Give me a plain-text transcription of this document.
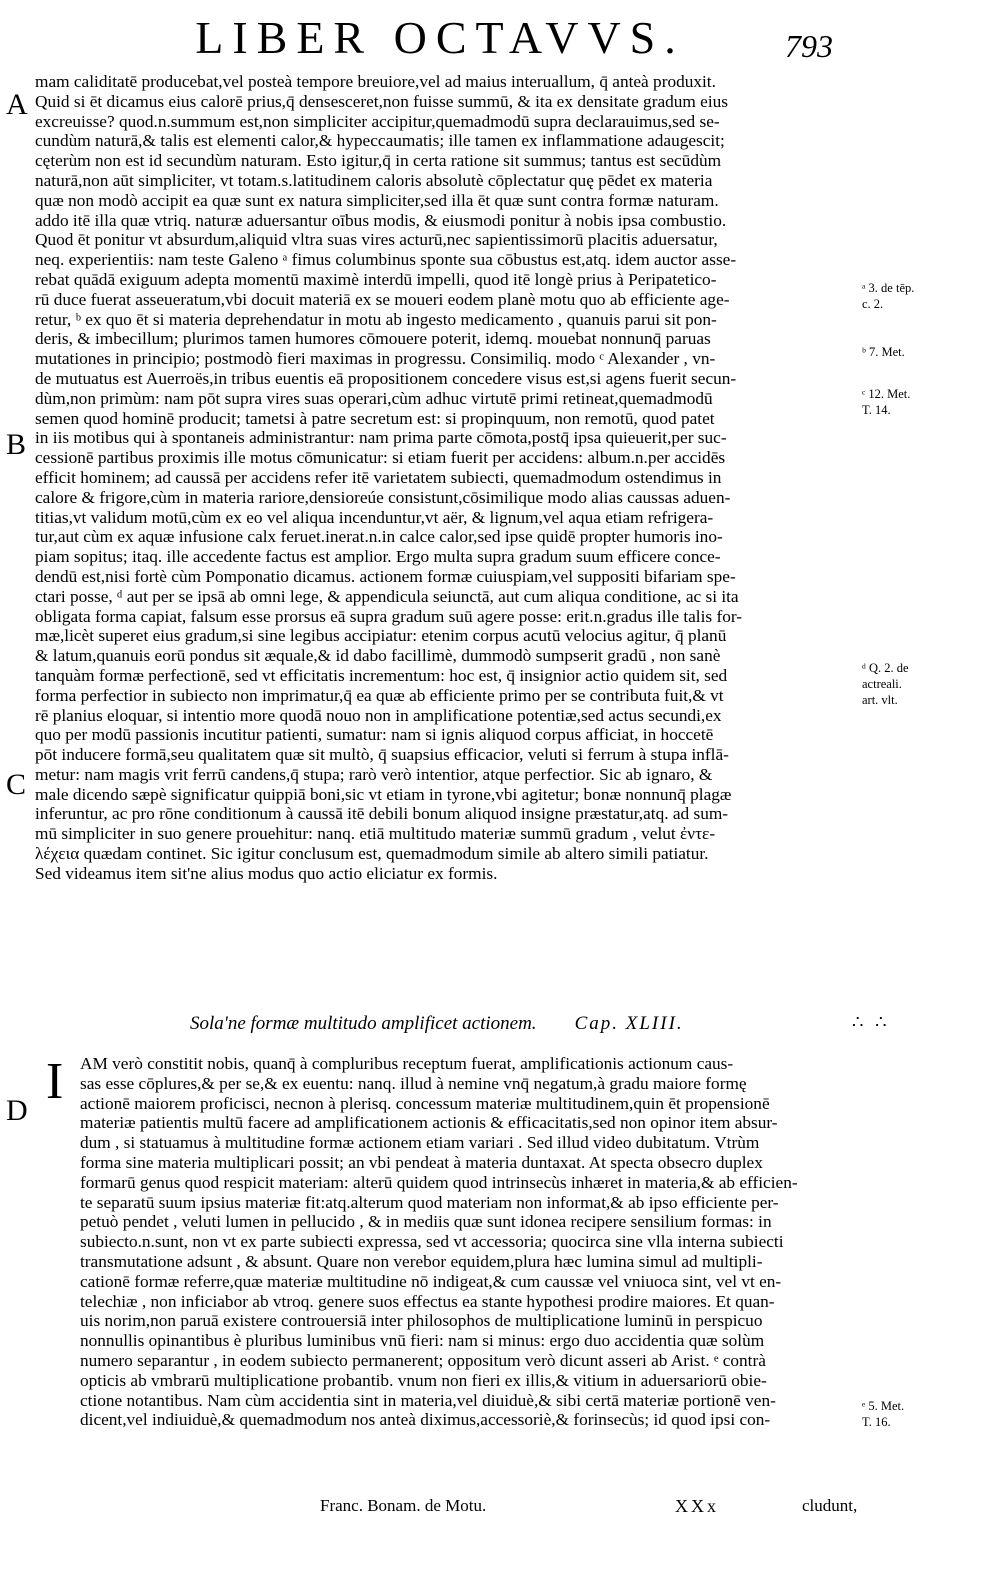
LIBER OCTAVVS.	793
A
B
C
D
mam caliditatē producebat,vel posteà tempore breuiore,vel ad maius interuallum, q̄ anteà produxit.
Quid si ēt dicamus eius calorē prius,q̄ densesceret,non fuisse summū, & ita ex densitate gradum eius
excreuisse? quod.n.summum est,non simpliciter accipitur,quemadmodū supra declarauimus,sed se-
cundùm naturā,& talis est elementi calor,& hypeccaumatis; ille tamen ex inflammatione adaugescit;
cęterùm non est id secundùm naturam. Esto igitur,q̄ in certa ratione sit summus; tantus est secūdùm
naturā,non aūt simpliciter, vt totam.s.latitudinem caloris absolutè cōplectatur quę pēdet ex materia
quæ non modò accipit ea quæ sunt ex natura simpliciter,sed illa ēt quæ sunt contra formæ naturam.
addo itē illa quæ vtriq. naturæ aduersantur oībus modis, & eiusmodi ponitur à nobis ipsa combustio.
Quod ēt ponitur vt absurdum,aliquid vltra suas vires acturū,nec sapientissimorū placitis aduersatur,
neq. experientiis: nam teste Galeno ᵃ fimus columbinus sponte sua cōbustus est,atq. idem auctor asse-
rebat quādā exiguum adepta momentū maximè interdū impelli, quod itē longè prius à Peripatetico-
rū duce fuerat asseueratum,vbi docuit materiā ex se moueri eodem planè motu quo ab efficiente age-
retur, ᵇ ex quo ēt si materia deprehendatur in motu ab ingesto medicamento , quanuis parui sit pon-
deris, & imbecillum; plurimos tamen humores cōmouere poterit, idemq. mouebat nonnunq̄ paruas
mutationes in principio; postmodò fieri maximas in progressu. Consimiliq. modo ᶜ Alexander , vn-
de mutuatus est Auerroës,in tribus euentis eā propositionem concedere visus est,si agens fuerit secun-
dùm,non primùm: nam pōt supra vires suas operari,cùm adhuc virtutē primi retineat,quemadmodū
semen quod hominē producit; tametsi à patre secretum est: si propinquum, non remotū, quod patet
in iis motibus qui à spontaneis administrantur: nam prima parte cōmota,postq̄ ipsa quieuerit,per suc-
cessionē partibus proximis ille motus cōmunicatur: si etiam fuerit per accidens: album.n.per accidēs
efficit hominem; ad caussā per accidens refer itē varietatem subiecti, quemadmodum ostendimus in
calore & frigore,cùm in materia rariore,densioreúe consistunt,cōsimilique modo alias caussas aduen-
titias,vt validum motū,cùm ex eo vel aliqua incenduntur,vt aër, & lignum,vel aqua etiam refrigera-
tur,aut cùm ex aquæ infusione calx feruet.inerat.n.in calce calor,sed ipse quidē propter humoris ino-
piam sopitus; itaq. ille accedente factus est amplior. Ergo multa supra gradum suum efficere conce-
dendū est,nisi fortè cùm Pomponatio dicamus. actionem formæ cuiuspiam,vel suppositi bifariam spe-
ctari posse, ᵈ aut per se ipsā ab omni lege, & appendicula seiunctā, aut cum aliqua conditione, ac si ita
obligata forma capiat, falsum esse prorsus eā supra gradum suū agere posse: erit.n.gradus ille talis for-
mæ,licèt superet eius gradum,si sine legibus accipiatur: etenim corpus acutū velocius agitur, q̄ planū
& latum,quanuis eorū pondus sit æquale,& id dabo facillimè, dummodò sumpserit gradū , non sanè
tanquàm formæ perfectionē, sed vt efficitatis incrementum: hoc est, q̄ insignior actio quidem sit, sed
forma perfectior in subiecto non imprimatur,q̄ ea quæ ab efficiente primo per se contributa fuit,& vt
rē planius eloquar, si intentio more quodā nouo non in amplificatione potentiæ,sed actus secundi,ex
quo per modū passionis incutitur patienti, sumatur: nam si ignis aliquod corpus afficiat, in hoccetē
pōt inducere formā,seu qualitatem quæ sit multò, q̄ suapsius efficacior, veluti si ferrum à stupa inflā-
metur: nam magis vrit ferrū candens,q̄ stupa; rarò verò intentior, atque perfectior. Sic ab ignaro, &
male dicendo sæpè significatur quippiā boni,sic vt etiam in tyrone,vbi agitetur; bonæ nonnunq̄ plagæ
inferuntur, ac pro rōne conditionum à caussā itē debili bonum aliquod insigne præstatur,atq. ad sum-
mū simpliciter in suo genere prouehitur: nanq. etiā multitudo materiæ summū gradum , velut ἐντε-
λέχεια quædam continet. Sic igitur conclusum est, quemadmodum simile ab altero simili patiatur.
Sed videamus item sit'ne alius modus quo actio eliciatur ex formis.
ᵃ 3. de tēp.
c. 2.
ᵇ 7. Met.
ᶜ 12. Met.
T. 14.
ᵈ Q. 2. de
actreali.
art. vlt.
Sola'ne formæ multitudo amplificet actionem. Cap. XLIII.	∴ ∴
I AM verò constitit nobis, quanq̄ à compluribus receptum fuerat, amplificationis actionum caus-
sas esse cōplures,& per se,& ex euentu: nanq. illud à nemine vnq̄ negatum,à gradu maiore formę
actionē maiorem proficisci, necnon à plerisq. concessum materiæ multitudinem,quin ēt propensionē
materiæ patientis multū facere ad amplificationem actionis & efficacitatis,sed non opinor item absur-
dum , si statuamus à multitudine formæ actionem etiam variari . Sed illud video dubitatum. Vtrùm
forma sine materia multiplicari possit; an vbi pendeat à materia duntaxat. At specta obsecro duplex
formarū genus quod respicit materiam: alterū quidem quod intrinsecùs inhæret in materia,& ab efficien-
te separatū suum ipsius materiæ fit:atq.alterum quod materiam non informat,& ab ipso efficiente per-
petuò pendet , veluti lumen in pellucido , & in mediis quæ sunt idonea recipere sensilium formas: in
subiecto.n.sunt, non vt ex parte subiecti expressa, sed vt accessoria; quocirca sine vlla interna subiecti
transmutatione adsunt , & absunt. Quare non verebor equidem,plura hæc lumina simul ad multipli-
cationē formæ referre,quæ materiæ multitudine nō indigeat,& cum caussæ vel vniuoca sint, vel vt en-
telechiæ , non inficiabor ab vtroq. genere suos effectus ea stante hypothesi prodire maiores. Et quan-
uis norim,non paruā existere controuersiā inter philosophos de multiplicatione luminū in perspicuo
nonnullis opinantibus è pluribus luminibus vnū fieri: nam si minus: ergo duo accidentia quæ solùm
numero separantur , in eodem subiecto permanerent; oppositum verò dicunt asseri ab Arist. ᵉ contrà
opticis ab vmbrarū multiplicatione probantib. vnum non fieri ex illis,& vitium in aduersariorū obie-
ctione notantibus. Nam cùm accidentia sint in materia,vel diuiduè,& sibi certā materiæ portionē ven-
dicent,vel indiuiduè,& quemadmodum nos anteà diximus,accessoriè,& forinsecùs; id quod ipsi con-
ᵉ 5. Met.
T. 16.
Franc. Bonam. de Motu.	XXx	cludunt,
